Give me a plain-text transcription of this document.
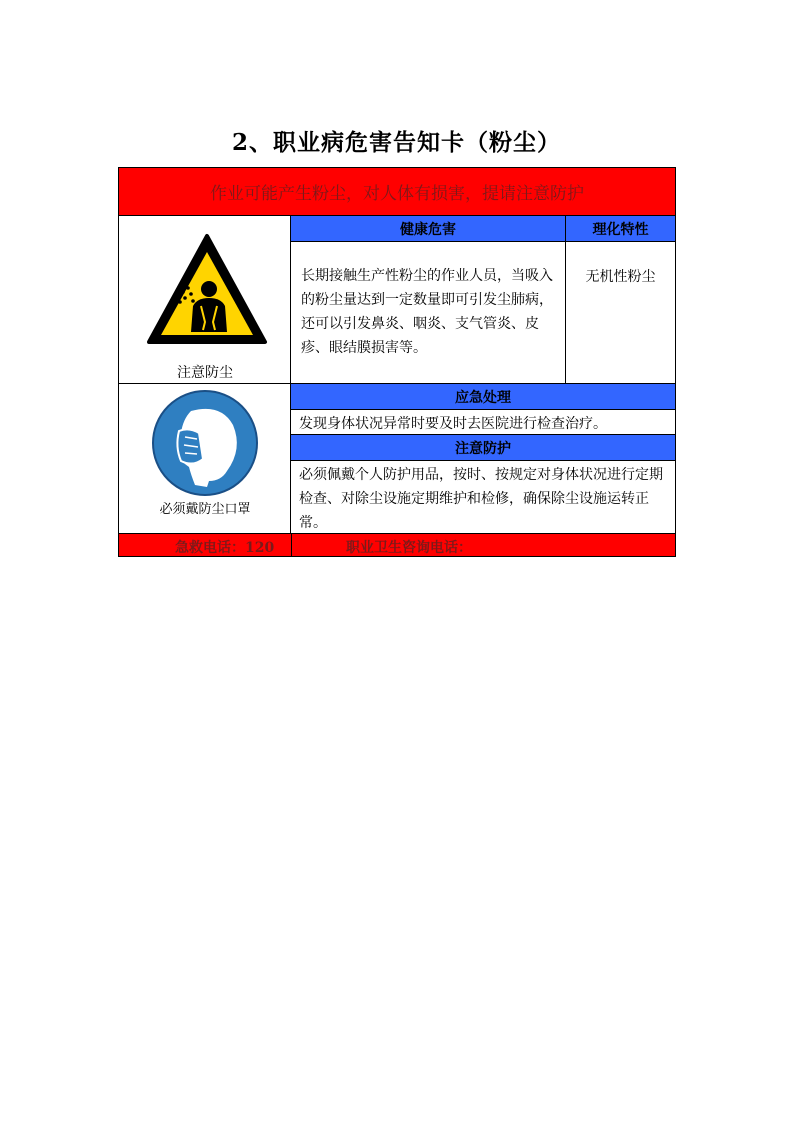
2、职业病危害告知卡（粉尘）
作业可能产生粉尘，对人体有损害，提请注意防护
注意防尘
健康危害	理化特性
长期接触生产性粉尘的作业人员，当吸入的粉尘量达到一定数量即可引发尘肺病，还可以引发鼻炎、咽炎、支气管炎、皮疹、眼结膜损害等。
无机性粉尘
必须戴防尘口罩
应急处理
发现身体状况异常时要及时去医院进行检查治疗。
注意防护
必须佩戴个人防护用品，按时、按规定对身体状况进行定期检查、对除尘设施定期维护和检修，确保除尘设施运转正常。
急救电话：120	职业卫生咨询电话：
